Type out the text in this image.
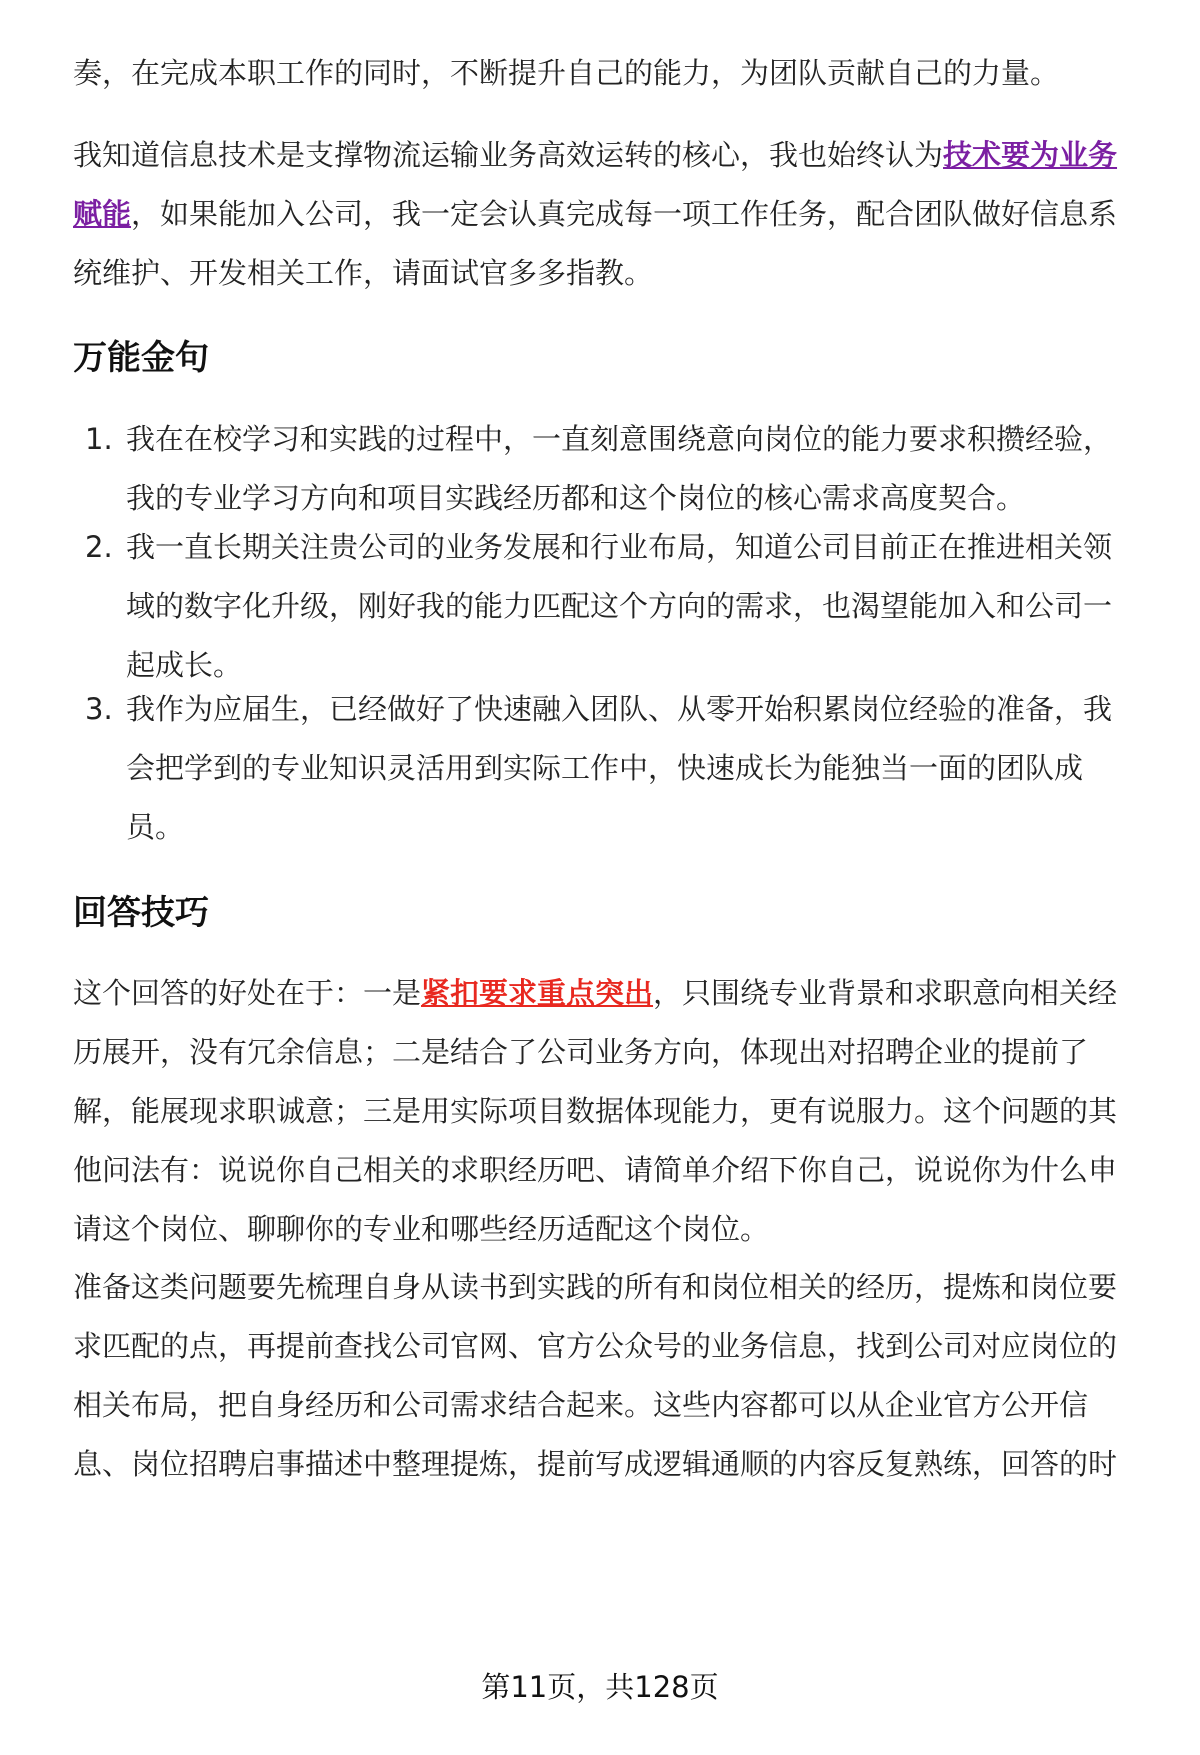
奏，在完成本职工作的同时，不断提升自己的能力，为团队贡献自己的力量。

我知道信息技术是支撑物流运输业务高效运转的核心，我也始终认为技术要为业务
赋能，如果能加入公司，我一定会认真完成每一项工作任务，配合团队做好信息系
统维护、开发相关工作，请面试官多多指教。

万能金句
1. 我在在校学习和实践的过程中，一直刻意围绕意向岗位的能力要求积攒经验，
我的专业学习方向和项目实践经历都和这个岗位的核心需求高度契合。
2. 我一直长期关注贵公司的业务发展和行业布局，知道公司目前正在推进相关领
域的数字化升级，刚好我的能力匹配这个方向的需求，也渴望能加入和公司一
起成长。
3. 我作为应届生，已经做好了快速融入团队、从零开始积累岗位经验的准备，我
会把学到的专业知识灵活用到实际工作中，快速成长为能独当一面的团队成
员。
回答技巧

这个回答的好处在于：一是紧扣要求重点突出，只围绕专业背景和求职意向相关经
历展开，没有冗余信息；二是结合了公司业务方向，体现出对招聘企业的提前了
解，能展现求职诚意；三是用实际项目数据体现能力，更有说服力。这个问题的其
他问法有：说说你自己相关的求职经历吧、请简单介绍下你自己，说说你为什么申
请这个岗位、聊聊你的专业和哪些经历适配这个岗位。

准备这类问题要先梳理自身从读书到实践的所有和岗位相关的经历，提炼和岗位要
求匹配的点，再提前查找公司官网、官方公众号的业务信息，找到公司对应岗位的
相关布局，把自身经历和公司需求结合起来。这些内容都可以从企业官方公开信
息、岗位招聘启事描述中整理提炼，提前写成逻辑通顺的内容反复熟练，回答的时

第11页，共128页
